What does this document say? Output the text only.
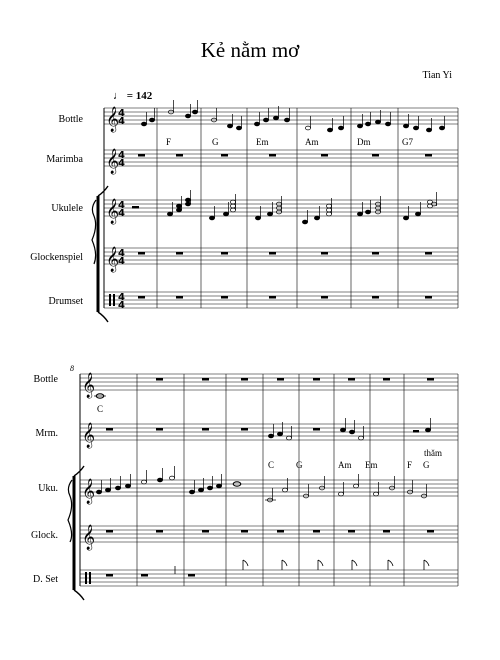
Kẻ nằm mơ
Tian Yi
♩ = 142
Bottle
Marimba
Ukulele
Glockenspiel
Drumset
F	G	Em	Am	Dm	G7
8
Bottle
Mrm.
Uku.
Glock.
D. Set
C
thăm
C G	Am Em	F G
𝄞
𝄞
𝄞
𝄞
4
4
4
4
4
4
4
4
4
4
𝄞
𝄞
𝄞
𝄞
